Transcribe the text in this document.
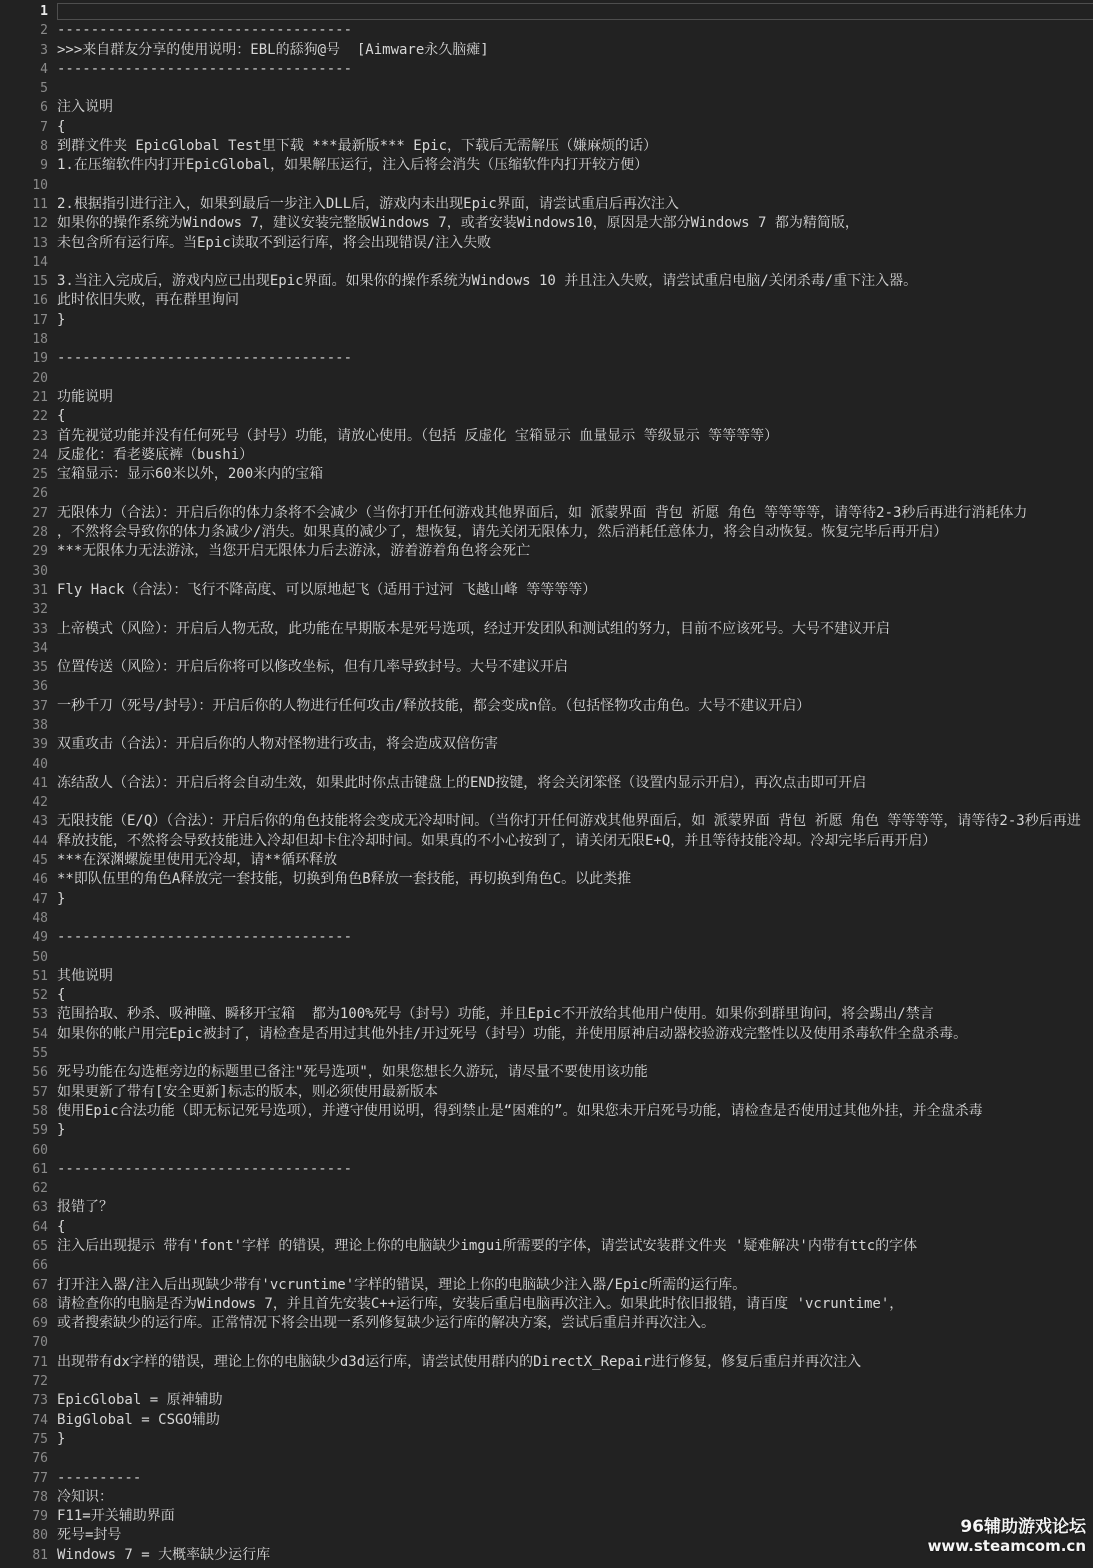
1
2 -----------------------------------
3 >>>来自群友分享的使用说明：EBL的舔狗@号  [Aimware永久脑瘫]
4 -----------------------------------
5
6 注入说明
7 {
8 到群文件夹 EpicGlobal Test里下载 ***最新版*** Epic，下载后无需解压（嫌麻烦的话）
9 1.在压缩软件内打开EpicGlobal，如果解压运行，注入后将会消失（压缩软件内打开较方便）
10
11 2.根据指引进行注入，如果到最后一步注入DLL后，游戏内未出现Epic界面，请尝试重启后再次注入
12 如果你的操作系统为Windows 7，建议安装完整版Windows 7，或者安装Windows10，原因是大部分Windows 7 都为精简版，
13 未包含所有运行库。当Epic读取不到运行库，将会出现错误/注入失败
14
15 3.当注入完成后，游戏内应已出现Epic界面。如果你的操作系统为Windows 10 并且注入失败，请尝试重启电脑/关闭杀毒/重下注入器。
16 此时依旧失败，再在群里询问
17 }
18
19 -----------------------------------
20
21 功能说明
22 {
23 首先视觉功能并没有任何死号（封号）功能，请放心使用。（包括 反虚化 宝箱显示 血量显示 等级显示 等等等等）
24 反虚化：看老婆底裤（bushi）
25 宝箱显示：显示60米以外，200米内的宝箱
26
27 无限体力（合法）：开启后你的体力条将不会减少（当你打开任何游戏其他界面后，如 派蒙界面 背包 祈愿 角色 等等等等，请等待2-3秒后再进行消耗体力
28 ，不然将会导致你的体力条减少/消失。如果真的减少了，想恢复，请先关闭无限体力，然后消耗任意体力，将会自动恢复。恢复完毕后再开启）
29 ***无限体力无法游泳，当您开启无限体力后去游泳，游着游着角色将会死亡
30
31 Fly Hack（合法）：飞行不降高度、可以原地起飞（适用于过河 飞越山峰 等等等等）
32
33 上帝模式（风险）：开启后人物无敌，此功能在早期版本是死号选项，经过开发团队和测试组的努力，目前不应该死号。大号不建议开启
34
35 位置传送（风险）：开启后你将可以修改坐标，但有几率导致封号。大号不建议开启
36
37 一秒千刀（死号/封号）：开启后你的人物进行任何攻击/释放技能，都会变成n倍。（包括怪物攻击角色。大号不建议开启）
38
39 双重攻击（合法）：开启后你的人物对怪物进行攻击，将会造成双倍伤害
40
41 冻结敌人（合法）：开启后将会自动生效，如果此时你点击键盘上的END按键，将会关闭笨怪（设置内显示开启），再次点击即可开启
42
43 无限技能（E/Q）（合法）：开启后你的角色技能将会变成无冷却时间。（当你打开任何游戏其他界面后，如 派蒙界面 背包 祈愿 角色 等等等等，请等待2-3秒后再进
44 释放技能，不然将会导致技能进入冷却但却卡住冷却时间。如果真的不小心按到了，请关闭无限E+Q，并且等待技能冷却。冷却完毕后再开启）
45 ***在深渊螺旋里使用无冷却，请**循环释放
46 **即队伍里的角色A释放完一套技能，切换到角色B释放一套技能，再切换到角色C。以此类推
47 }
48
49 -----------------------------------
50
51 其他说明
52 {
53 范围拾取、秒杀、吸神瞳、瞬移开宝箱  都为100%死号（封号）功能，并且Epic不开放给其他用户使用。如果你到群里询问，将会踢出/禁言
54 如果你的帐户用完Epic被封了，请检查是否用过其他外挂/开过死号（封号）功能，并使用原神启动器校验游戏完整性以及使用杀毒软件全盘杀毒。
55
56 死号功能在勾选框旁边的标题里已备注"死号选项"，如果您想长久游玩，请尽量不要使用该功能
57 如果更新了带有[安全更新]标志的版本，则必须使用最新版本
58 使用Epic合法功能（即无标记死号选项），并遵守使用说明，得到禁止是“困难的”。如果您未开启死号功能，请检查是否使用过其他外挂，并全盘杀毒
59 }
60
61 -----------------------------------
62
63 报错了？
64 {
65 注入后出现提示 带有'font'字样 的错误，理论上你的电脑缺少imgui所需要的字体，请尝试安装群文件夹 '疑难解决'内带有ttc的字体
66
67 打开注入器/注入后出现缺少带有'vcruntime'字样的错误，理论上你的电脑缺少注入器/Epic所需的运行库。
68 请检查你的电脑是否为Windows 7，并且首先安装C++运行库，安装后重启电脑再次注入。如果此时依旧报错，请百度 'vcruntime'，
69 或者搜索缺少的运行库。正常情况下将会出现一系列修复缺少运行库的解决方案，尝试后重启并再次注入。
70
71 出现带有dx字样的错误，理论上你的电脑缺少d3d运行库，请尝试使用群内的DirectX_Repair进行修复，修复后重启并再次注入
72
73 EpicGlobal = 原神辅助
74 BigGlobal = CSGO辅助
75 }
76
77 ----------
78 冷知识：
79 F11=开关辅助界面
80 死号=封号
81 Windows 7 = 大概率缺少运行库
96辅助游戏论坛
www.steamcom.cn
